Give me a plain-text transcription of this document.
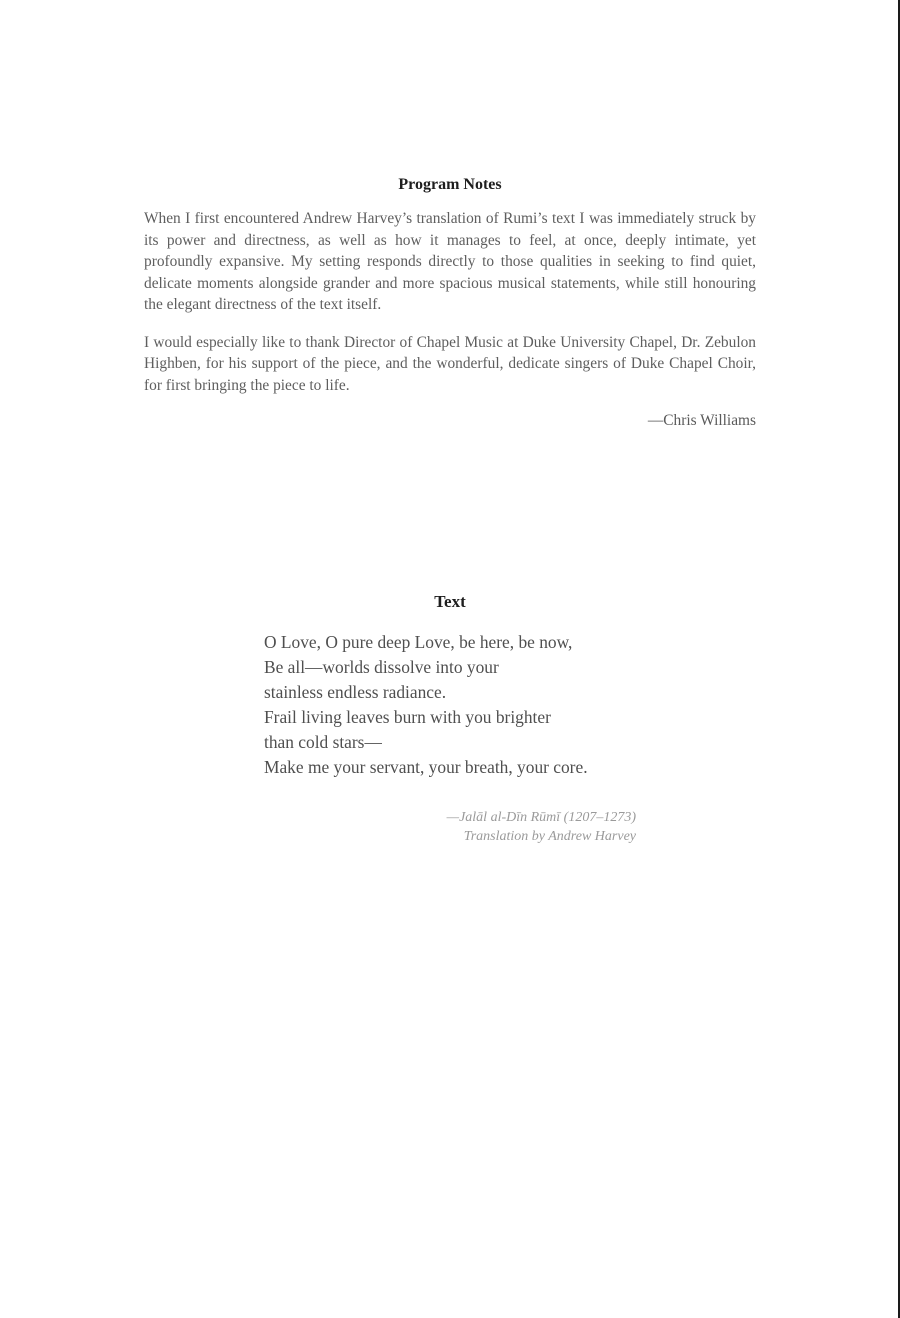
Program Notes

When I first encountered Andrew Harvey’s translation of Rumi’s text I was immediately struck by its power and directness, as well as how it manages to feel, at once, deeply intimate, yet profoundly expansive. My setting responds directly to those qualities in seeking to find quiet, delicate moments alongside grander and more spacious musical statements, while still honouring the elegant directness of the text itself.

I would especially like to thank Director of Chapel Music at Duke University Chapel, Dr. Zebulon Highben, for his support of the piece, and the wonderful, dedicate singers of Duke Chapel Choir, for first bringing the piece to life.

—Chris Williams
Text
O Love, O pure deep Love, be here, be now,
Be all—worlds dissolve into your
stainless endless radiance.
Frail living leaves burn with you brighter
than cold stars—
Make me your servant, your breath, your core.
—Jalāl al-Dīn Rūmī (1207–1273)
Translation by Andrew Harvey
